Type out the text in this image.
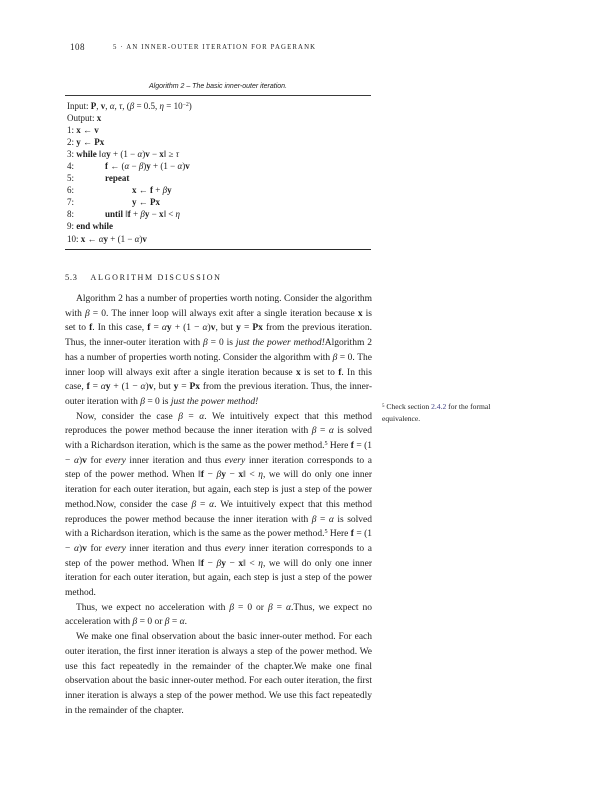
108	5 · AN INNER-OUTER ITERATION FOR PAGERANK
Algorithm 2 – The basic inner-outer iteration.
Input: P, v, α, τ, (β = 0.5, $\eta = 10^{-2}$)
Output: x
1: x ← v
2: y ← Px
3: while ‖αy + (1 − α)v − x‖ ≥ τ
4:	f ← (α − β)y + (1 − α)v
5:	repeat
6:	x ← f + βy
7:	y ← Px
8:	until ‖f + βy − x‖ < η
9: end while
10: x ← αy + (1 − α)v
5.3 ALGORITHM DISCUSSION

Algorithm 2 has a number of properties worth noting. Consider the algorithm with β = 0. The inner loop will always exit after a single iteration because x is set to f. In this case, f = αy + (1 − α)v, but y = Px from the previous iteration. Thus, the inner-outer iteration with β = 0 is just the power method!Algorithm 2 has a number of properties worth noting. Consider the algorithm with β = 0. The inner loop will always exit after a single iteration because x is set to f. In this case, f = αy + (1 − α)v, but y = Px from the previous iteration. Thus, the inner-outer iteration with β = 0 is just the power method!

Now, consider the case β = α. We intuitively expect that this method reproduces the power method because the inner iteration with β = α is solved with a Richardson iteration, which is the same as the power method.$^5$ Here f = (1 − α)v for every inner iteration and thus every inner iteration corresponds to a step of the power method. When ‖f − βy − x‖ < η, we will do only one inner iteration for each outer iteration, but again, each step is just a step of the power method.Now, consider the case β = α. We intuitively expect that this method reproduces the power method because the inner iteration with β = α is solved with a Richardson iteration, which is the same as the power method.$^5$ Here f = (1 − α)v for every inner iteration and thus every inner iteration corresponds to a step of the power method. When ‖f − βy − x‖ < η, we will do only one inner iteration for each outer iteration, but again, each step is just a step of the power method.

Thus, we expect no acceleration with β = 0 or β = α.Thus, we expect no acceleration with β = 0 or β = α.

We make one final observation about the basic inner-outer method. For each outer iteration, the first inner iteration is always a step of the power method. We use this fact repeatedly in the remainder of the chapter.We make one final observation about the basic inner-outer method. For each outer iteration, the first inner iteration is always a step of the power method. We use this fact repeatedly in the remainder of the chapter.

$^5$ Check section 2.4.2 for the formal equivalence.
